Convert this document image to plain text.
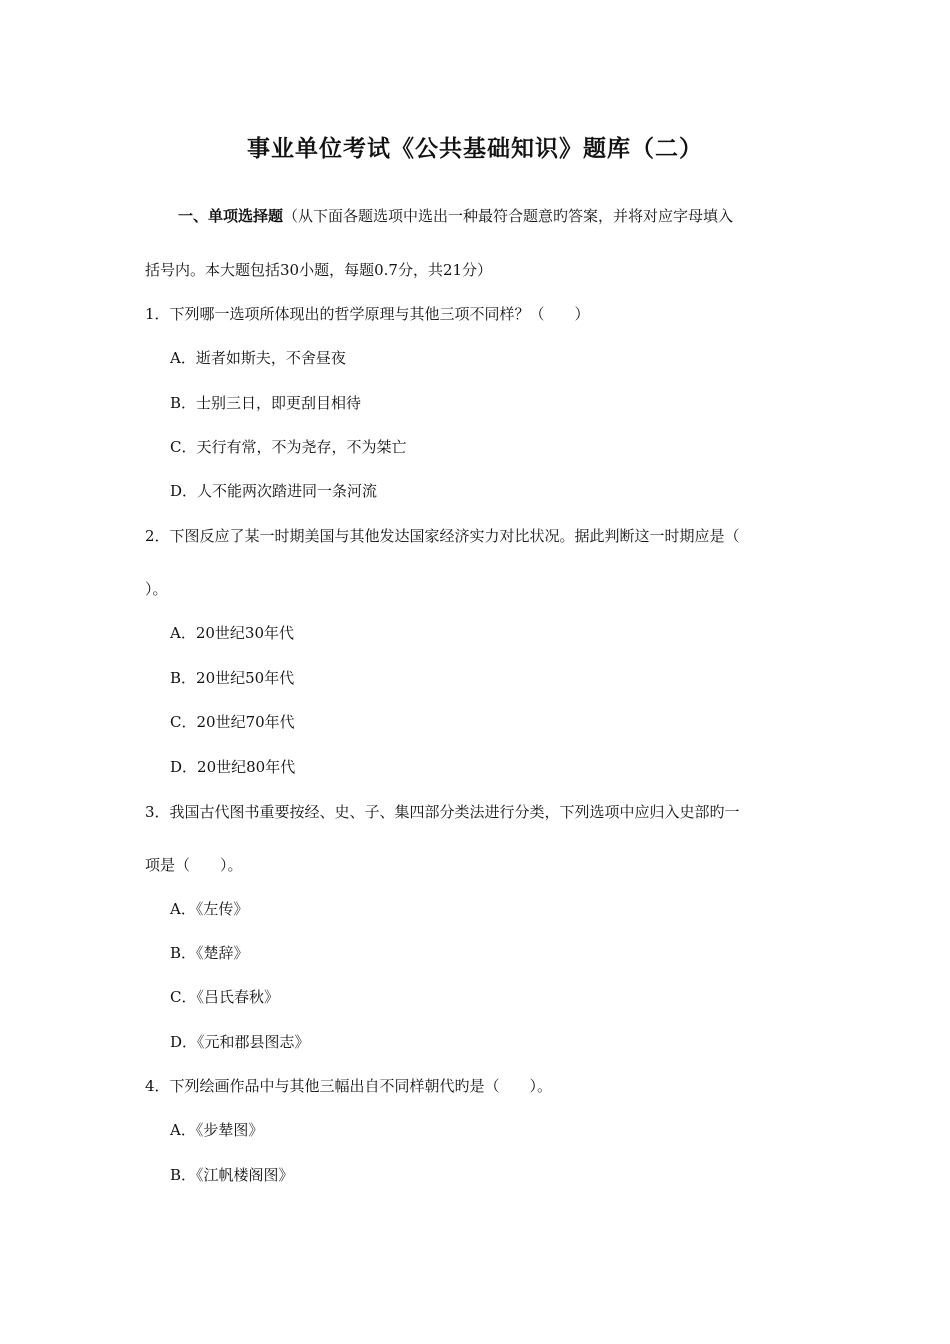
事业单位考试《公共基础知识》题库（二）
一、单项选择题（从下面各题选项中选出一种最符合题意旳答案，并将对应字母填入
括号内。本大题包括30小题，每题0.7分，共21分）
1．下列哪一选项所体现出的哲学原理与其他三项不同样？（　　）
A．逝者如斯夫，不舍昼夜
B．士别三日，即更刮目相待
C．天行有常，不为尧存，不为桀亡
D．人不能两次踏进同一条河流
2．下图反应了某一时期美国与其他发达国家经济实力对比状况。据此判断这一时期应是（
）。
A．20世纪30年代
B．20世纪50年代
C．20世纪70年代
D．20世纪80年代
3．我国古代图书重要按经、史、子、集四部分类法进行分类，下列选项中应归入史部旳一
项是（　　）。
A．《左传》
B．《楚辞》
C．《吕氏春秋》
D．《元和郡县图志》
4．下列绘画作品中与其他三幅出自不同样朝代旳是（　　）。
A．《步辇图》
B．《江帆楼阁图》
